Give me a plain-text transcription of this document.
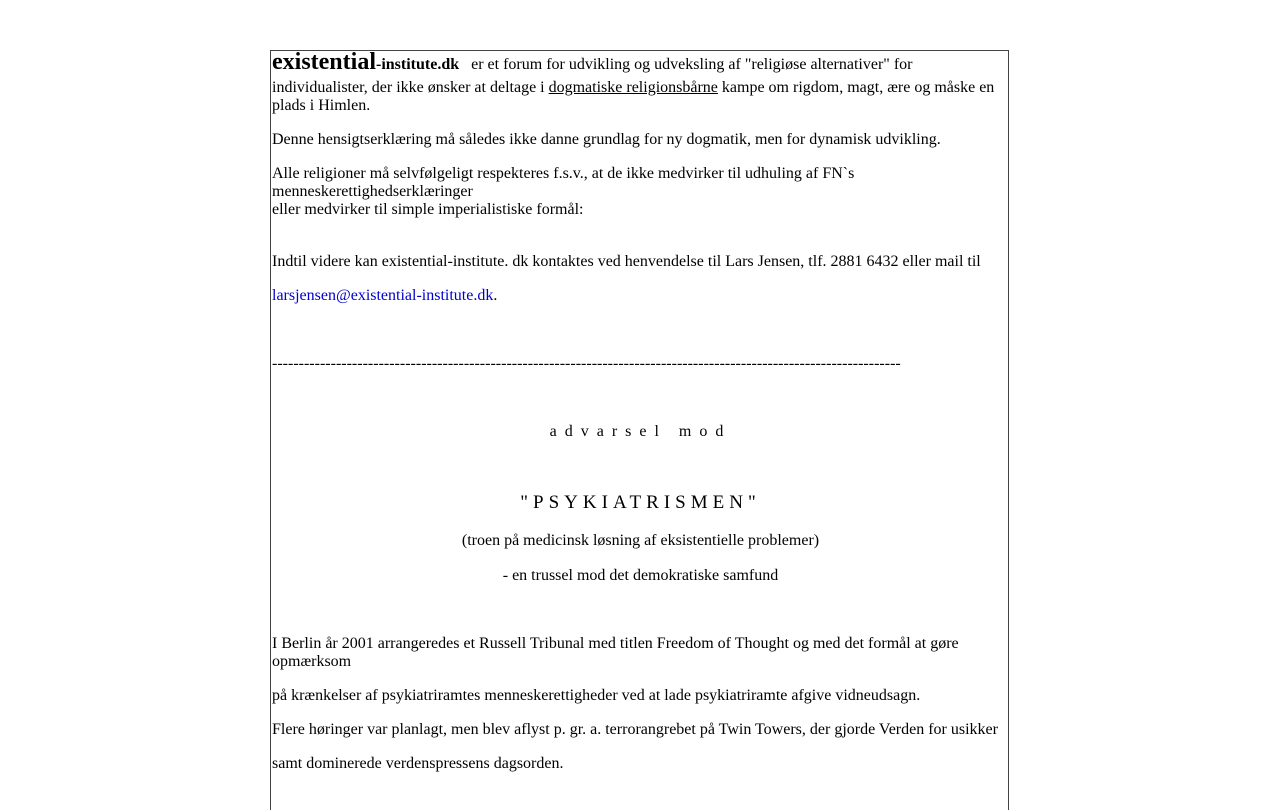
existential-institute.dk er et forum for udvikling og udveksling af "religiøse alternativer" for
individualister, der ikke ønsker at deltage i dogmatiske religionsbårne kampe om rigdom, magt, ære og måske en
plads i Himlen.
Denne hensigtserklæring må således ikke danne grundlag for ny dogmatik, men for dynamisk udvikling.
Alle religioner må selvfølgeligt respekteres f.s.v., at de ikke medvirker til udhuling af FN`s
menneskerettighedserklæringer
eller medvirker til simple imperialistiske formål:
Indtil videre kan existential-institute. dk kontaktes ved henvendelse til Lars Jensen, tlf. 2881 6432 eller mail til
larsjensen@existential-institute.dk.
----------------------------------------------------------------------------------------------------------------------
advarsel mod
"PSYKIATRISMEN"
(troen på medicinsk løsning af eksistentielle problemer)
- en trussel mod det demokratiske samfund
I Berlin år 2001 arrangeredes et Russell Tribunal med titlen Freedom of Thought og med det formål at gøre
opmærksom
på krænkelser af psykiatriramtes menneskerettigheder ved at lade psykiatriramte afgive vidneudsagn.
Flere høringer var planlagt, men blev aflyst p. gr. a. terrorangrebet på Twin Towers, der gjorde Verden for usikker
samt dominerede verdenspressens dagsorden.
